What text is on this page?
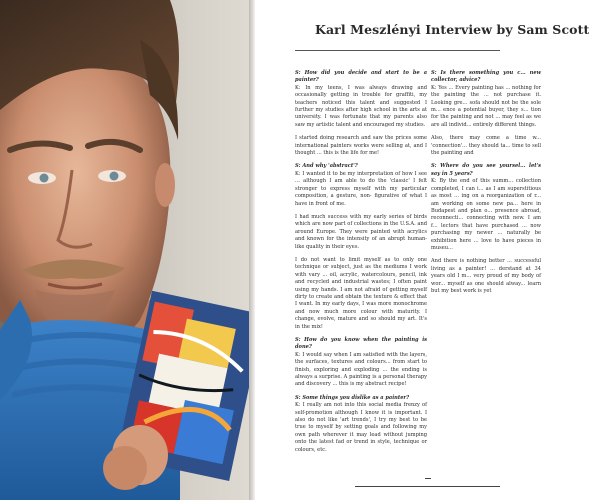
Karl Meszlényi Interview by Sam Scott

S: How did you decide and start to be a painter?

K: In my teens, I was always drawing and occasionally getting in trouble for graffiti, my teachers noticed this talent and suggested I further my studies after high school in the arts at university. I was fortunate that my parents also saw my artistic talent and encouraged my studies.

I started doing research and saw the prices some international painters works were selling at, and I thought ... this is the life for me!

S: And why 'abstract'?

K: I wanted it to be my interpretation of how I see ... although I am able to do the 'classic' I felt stronger to express myself with my particular composition, a gesture, non- figurative of what I have in front of me.

I had much success with my early series of birds which are now part of collections in the U.S.A. and around Europe. They were painted with acrylics and known for the intensity of an abrupt human-like quality in their eyes.

I do not want to limit myself as to only one technique or subject, just as the mediums I work with vary ... oil, acrylic, watercolours, pencil, ink and recycled and industrial wastes; I often paint using my hands. I am not afraid of getting myself dirty to create and obtain the texture & effect that I want. In my early days, I was more monochrome and now much more colour with maturity. I change, evolve, mature and so should my art. It's in the mix!

S: How do you know when the painting is done?

K: I would say when I am satisfied with the layers, the surfaces, textures and colours... from start to finish, exploring and exploding ... the ending is always a surprise. A painting is a personal therapy and discovery ... this is my abstract recipe!

S: Some things you dislike as a painter?

K: I really am not into this social media frenzy of self-promotion although I know it is important. I also do not like 'art trends', I try my best to be true to myself by setting goals and following my own path wherever it may lead without jumping onto the latest fad or trend in style, technique or colours, etc.

S: Is there something you c... new collector, advice?

K: Yes ... Every painting has ... nothing for the painting the ... not purchase it. Looking gre... sofa should not be the sole m... ence a potential buyer, they s... tion for the painting and not ... may feel as we are all individ... entirely different things.

Also, there may come a time w... 'connection'... they should ta... time to sell the painting and

S: Where do you see yoursel... let's say in 5 years?

K: By the end of this summ... collection completed, I can i... as I am superstitious as most ... ing on a reorganization of r... am working on some new pa... here in Budapest and plan o... presence abroad, reconnecti... connecting with new. I am f... lectors that have purchased ... now purchasing my newer ... naturally be exhibition here ... love to have pieces in museu...

And there is nothing better ... successful living as a painter! ... derstand at 34 years old I m... very proud of my body of wor... myself as one should alway... learn but my best work is yet
